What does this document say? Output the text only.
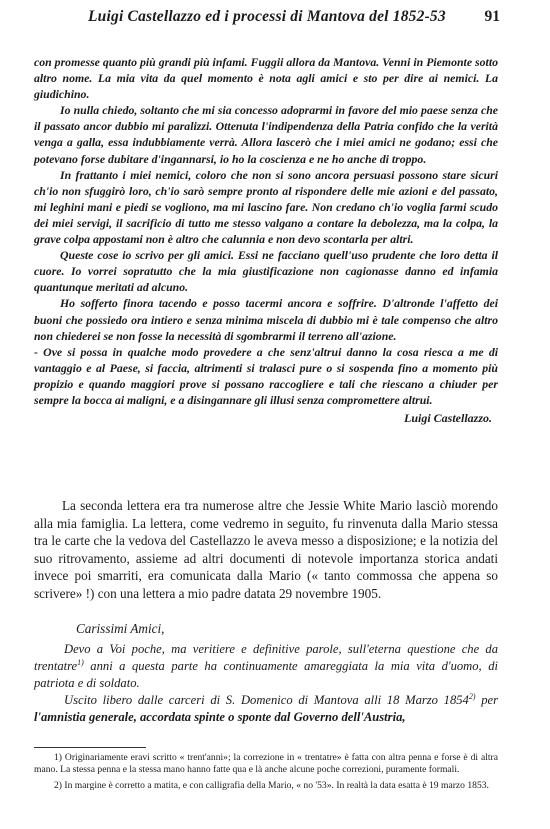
Luigi Castellazzo ed i processi di Mantova del 1852-53 91

con promesse quanto più grandi più infami. Fuggii allora da Mantova. Venni in Piemonte sotto altro nome. La mia vita da quel momento è nota agli amici e sto per dire ai nemici. La giudichino.

Io nulla chiedo, soltanto che mi sia concesso adoprarmi in favore del mio paese senza che il passato ancor dubbio mi paralizzi. Ottenuta l'indipendenza della Patria confido che la verità venga a galla, essa indubbiamente verrà. Allora lascerò che i miei amici ne godano; essi che potevano forse dubitare d'ingannarsi, io ho la coscienza e ne ho anche di troppo.

In frattanto i miei nemici, coloro che non si sono ancora persuasi possono stare sicuri ch'io non sfuggirò loro, ch'io sarò sempre pronto al rispondere delle mie azioni e del passato, mi leghini mani e piedi se vogliono, ma mi lascino fare. Non credano ch'io voglia farmi scudo dei miei servigi, il sacrificio di tutto me stesso valgano a contare la debolezza, ma la colpa, la grave colpa appostami non è altro che calunnia e non devo scontarla per altri.

Queste cose io scrivo per gli amici. Essi ne facciano quell'uso prudente che loro detta il cuore. Io vorrei sopratutto che la mia giustificazione non cagionasse danno ed infamia quantunque meritati ad alcuno.

Ho sofferto finora tacendo e posso tacermi ancora e soffrire. D'altronde l'affetto dei buoni che possiedo ora intiero e senza minima miscela di dubbio mi è tale compenso che altro non chiederei se non fosse la necessità di sgombrarmi il terreno all'azione.

- Ove si possa in qualche modo provedere a che senz'altrui danno la cosa riesca a me di vantaggio e al Paese, si faccia, altrimenti si tralasci pure o si sospenda fino a momento più propizio e quando maggiori prove si possano raccogliere e tali che riescano a chiuder per sempre la bocca ai maligni, e a disingannare gli illusi senza compromettere altrui.

Luigi Castellazzo.

La seconda lettera era tra numerose altre che Jessie White Mario lasciò morendo alla mia famiglia. La lettera, come vedremo in seguito, fu rinvenuta dalla Mario stessa tra le carte che la vedova del Castellazzo le aveva messo a disposizione; e la notizia del suo ritrovamento, assieme ad altri documenti di notevole importanza storica andati invece poi smarriti, era comunicata dalla Mario (« tanto commossa che appena so scrivere» !) con una lettera a mio padre datata 29 novembre 1905.

Carissimi Amici,

Devo a Voi poche, ma veritiere e definitive parole, sull'eterna questione che da trentatre$^{1)}$ anni a questa parte ha continuamente amareggiata la mia vita d'uomo, di patriota e di soldato.

Uscito libero dalle carceri di S. Domenico di Mantova alli 18 Marzo 1854$^{2)}$ per l'amnistia generale, accordata spinte o sponte dal Governo dell'Austria,

1) Originariamente eravi scritto « trent'anni»; la correzione in « trentatre» è fatta con altra penna e forse è di altra mano. La stessa penna e la stessa mano hanno fatte qua e là anche alcune poche correzioni, puramente formali.

2) In margine è corretto a matita, e con calligrafia della Mario, « no '53». In realtà la data esatta è 19 marzo 1853.
